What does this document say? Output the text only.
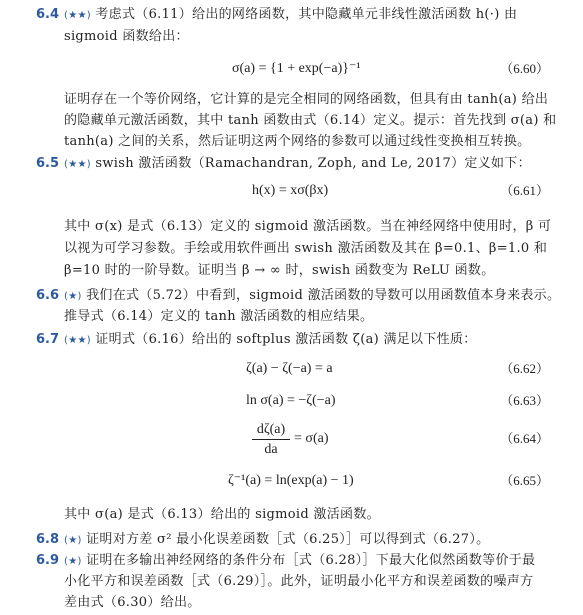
6.4 (★★) 考虑式（6.11）给出的网络函数，其中隐藏单元非线性激活函数 h(·) 由
sigmoid 函数给出：
σ(a) = {1 + exp(−a)}⁻¹	（6.60）
证明存在一个等价网络，它计算的是完全相同的网络函数，但具有由 tanh(a) 给出
的隐藏单元激活函数，其中 tanh 函数由式（6.14）定义。提示：首先找到 σ(a) 和
tanh(a) 之间的关系，然后证明这两个网络的参数可以通过线性变换相互转换。
6.5 (★★) swish 激活函数（Ramachandran, Zoph, and Le, 2017）定义如下：
h(x) = xσ(βx)	（6.61）
其中 σ(x) 是式（6.13）定义的 sigmoid 激活函数。当在神经网络中使用时，β 可
以视为可学习参数。手绘或用软件画出 swish 激活函数及其在 β=0.1、β=1.0 和
β=10 时的一阶导数。证明当 β → ∞ 时，swish 函数变为 ReLU 函数。
6.6 (★) 我们在式（5.72）中看到，sigmoid 激活函数的导数可以用函数值本身来表示。
推导式（6.14）定义的 tanh 激活函数的相应结果。
6.7 (★★) 证明式（6.16）给出的 softplus 激活函数 ζ(a) 满足以下性质：
ζ(a) − ζ(−a) = a	（6.62）
ln σ(a) = −ζ(−a)	（6.63）
dζ(a)
da
= σ(a)	（6.64）
ζ⁻¹(a) = ln(exp(a) − 1)	（6.65）
其中 σ(a) 是式（6.13）给出的 sigmoid 激活函数。
6.8 (★) 证明对方差 σ² 最小化误差函数［式（6.25）］可以得到式（6.27）。
6.9 (★) 证明在多输出神经网络的条件分布［式（6.28）］下最大化似然函数等价于最
小化平方和误差函数［式（6.29）］。此外，证明最小化平方和误差函数的噪声方
差由式（6.30）给出。
